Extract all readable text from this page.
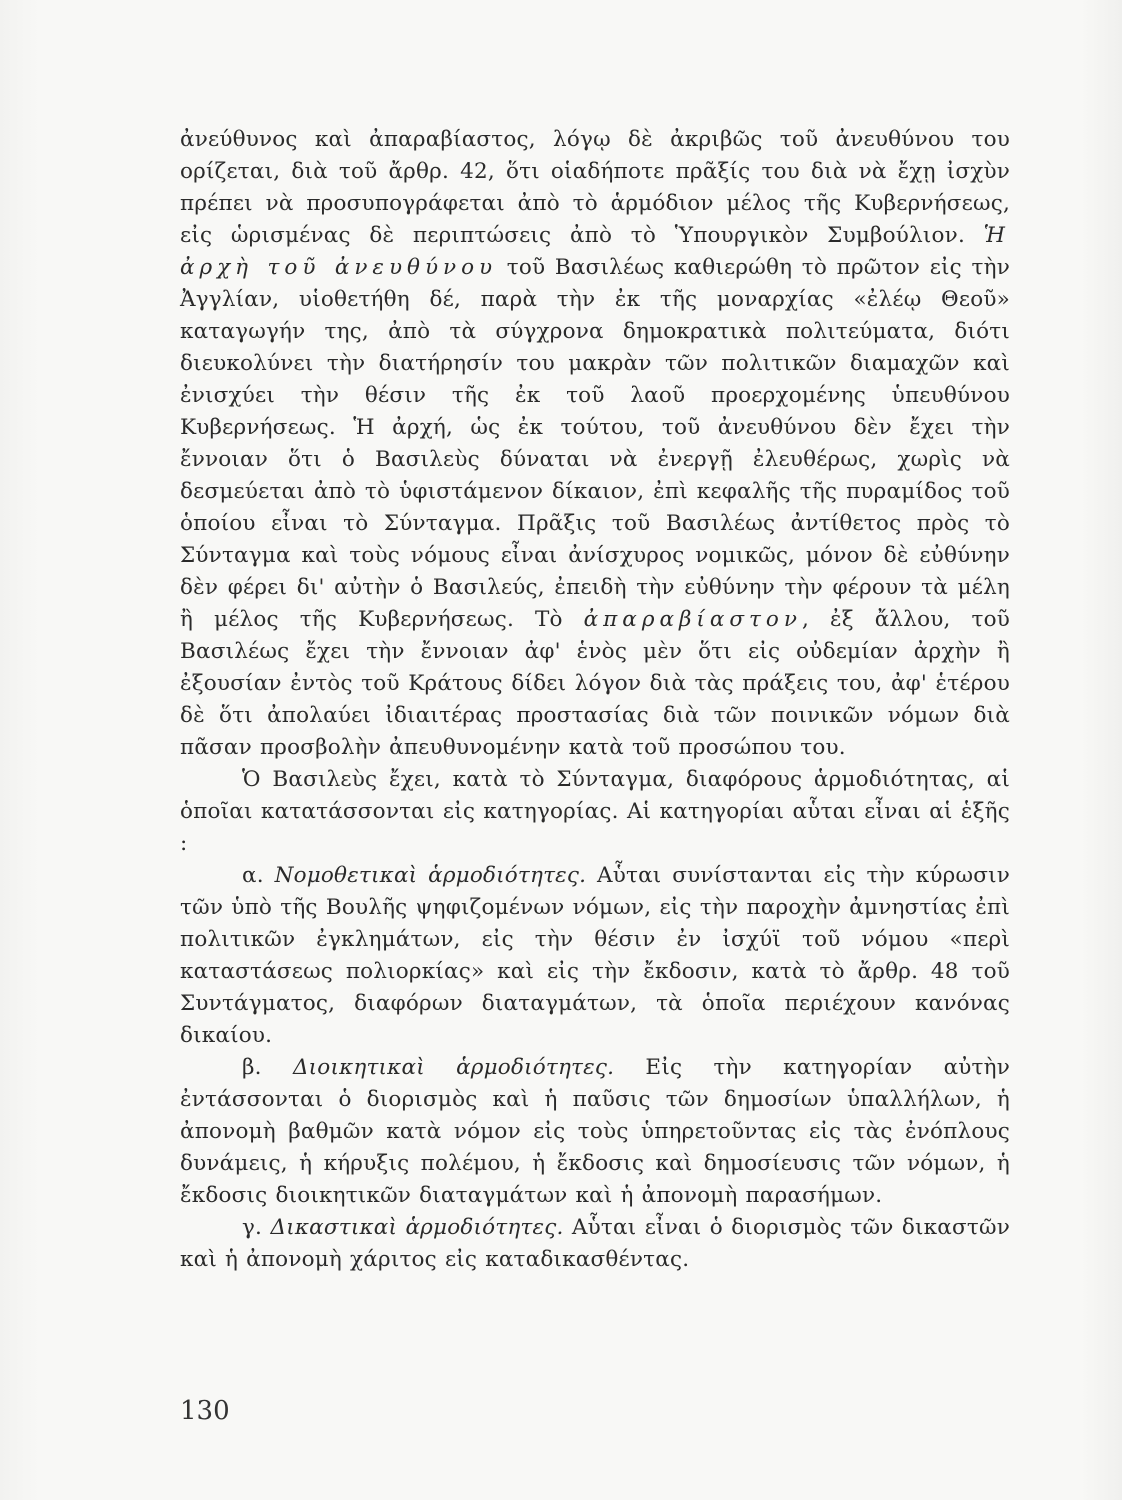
ἀνεύθυνος καὶ ἀπαραβίαστος, λόγῳ δὲ ἀκριβῶς τοῦ ἀνευθύνου του ορίζεται, διὰ τοῦ ἄρθρ. 42, ὅτι οἱαδήποτε πρᾶξίς του διὰ νὰ ἔχῃ ἰσχὺν πρέπει νὰ προσυπογράφεται ἀπὸ τὸ ἁρμόδιον μέλος τῆς Κυβερνήσεως, εἰς ὡρισμένας δὲ περιπτώσεις ἀπὸ τὸ Ὑπουργικὸν Συμβούλιον. Ἡ ἀρχὴ τοῦ ἀνευθύνου τοῦ Βασιλέως καθιερώθη τὸ πρῶτον εἰς τὴν Ἀγγλίαν, υἱοθετήθη δέ, παρὰ τὴν ἐκ τῆς μοναρχίας «ἐλέῳ Θεοῦ» καταγωγήν της, ἀπὸ τὰ σύγχρονα δημοκρατικὰ πολιτεύματα, διότι διευκολύνει τὴν διατήρησίν του μακρὰν τῶν πολιτικῶν διαμαχῶν καὶ ἐνισχύει τὴν θέσιν τῆς ἐκ τοῦ λαοῦ προερχομένης ὑπευθύνου Κυβερνήσεως. Ἡ ἀρχή, ὡς ἐκ τούτου, τοῦ ἀνευθύνου δὲν ἔχει τὴν ἔννοιαν ὅτι ὁ Βασιλεὺς δύναται νὰ ἐνεργῇ ἐλευθέρως, χωρὶς νὰ δεσμεύεται ἀπὸ τὸ ὑφιστάμενον δίκαιον, ἐπὶ κεφαλῆς τῆς πυραμίδος τοῦ ὁποίου εἶναι τὸ Σύνταγμα. Πρᾶξις τοῦ Βασιλέως ἀντίθετος πρὸς τὸ Σύνταγμα καὶ τοὺς νόμους εἶναι ἀνίσχυρος νομικῶς, μόνον δὲ εὐθύνην δὲν φέρει δι' αὐτὴν ὁ Βασιλεύς, ἐπειδὴ τὴν εὐθύνην τὴν φέρουν τὰ μέλη ἢ μέλος τῆς Κυβερνήσεως. Τὸ ἀπαραβίαστον, ἐξ ἄλλου, τοῦ Βασιλέως ἔχει τὴν ἔννοιαν ἀφ' ἑνὸς μὲν ὅτι εἰς οὐδεμίαν ἀρχὴν ἢ ἐξουσίαν ἐντὸς τοῦ Κράτους δίδει λόγον διὰ τὰς πράξεις του, ἀφ' ἑτέρου δὲ ὅτι ἀπολαύει ἰδιαιτέρας προστασίας διὰ τῶν ποινικῶν νόμων διὰ πᾶσαν προσβολὴν ἀπευθυνομένην κατὰ τοῦ προσώπου του.

Ὁ Βασιλεὺς ἔχει, κατὰ τὸ Σύνταγμα, διαφόρους ἁρμοδιότητας, αἱ ὁποῖαι κατατάσσονται εἰς κατηγορίας. Αἱ κατηγορίαι αὗται εἶναι αἱ ἑξῆς :

α. Νομοθετικαὶ ἁρμοδιότητες. Αὗται συνίστανται εἰς τὴν κύρωσιν τῶν ὑπὸ τῆς Βουλῆς ψηφιζομένων νόμων, εἰς τὴν παροχὴν ἀμνηστίας ἐπὶ πολιτικῶν ἐγκλημάτων, εἰς τὴν θέσιν ἐν ἰσχύϊ τοῦ νόμου «περὶ καταστάσεως πολιορκίας» καὶ εἰς τὴν ἔκδοσιν, κατὰ τὸ ἄρθρ. 48 τοῦ Συντάγματος, διαφόρων διαταγμάτων, τὰ ὁποῖα περιέχουν κανόνας δικαίου.

β. Διοικητικαὶ ἁρμοδιότητες. Εἰς τὴν κατηγορίαν αὐτὴν ἐντάσσονται ὁ διορισμὸς καὶ ἡ παῦσις τῶν δημοσίων ὑπαλλήλων, ἡ ἀπονομὴ βαθμῶν κατὰ νόμον εἰς τοὺς ὑπηρετοῦντας εἰς τὰς ἐνόπλους δυνάμεις, ἡ κήρυξις πολέμου, ἡ ἔκδοσις καὶ δημοσίευσις τῶν νόμων, ἡ ἔκδοσις διοικητικῶν διαταγμάτων καὶ ἡ ἀπονομὴ παρασήμων.

γ. Δικαστικαὶ ἁρμοδιότητες. Αὗται εἶναι ὁ διορισμὸς τῶν δικαστῶν καὶ ἡ ἀπονομὴ χάριτος εἰς καταδικασθέντας.

130
